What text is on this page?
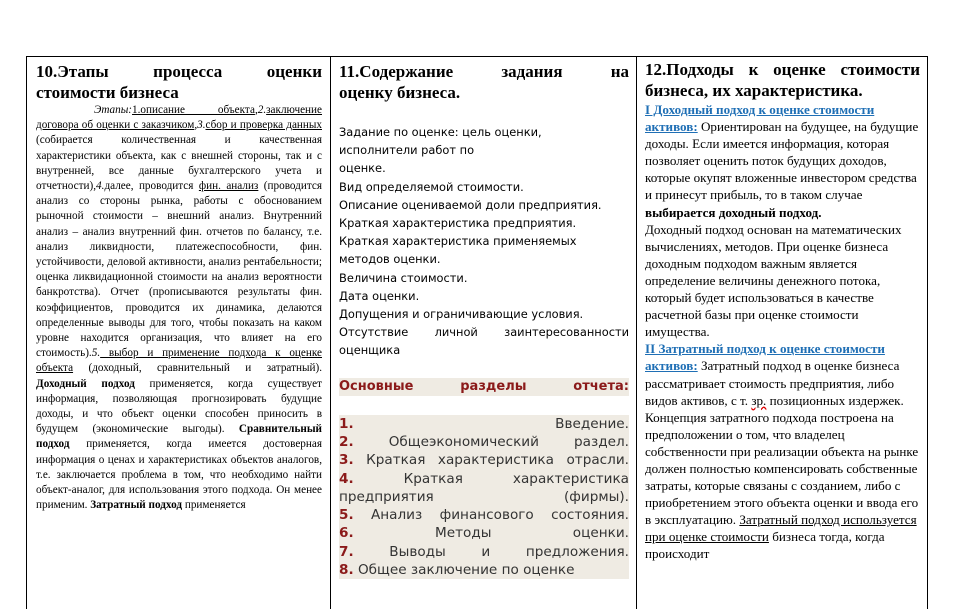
10.Этапы процесса оценки

стоимости бизнеса
Этапы:1.описание объекта,2.заключение договора об оценки с заказчиком,3.сбор и проверка данных (собирается количественная и качественная характеристики объекта, как с внешней стороны, так и с внутренней, все данные бухгалтерского учета и отчетности),4.далее, проводится фин. анализ (проводится анализ со стороны рынка, работы с обоснованием рыночной стоимости – внешний анализ. Внутренний анализ – анализ внутренний фин. отчетов по балансу, т.е. анализ ликвидности, платежеспособности, фин. устойчивости, деловой активности, анализ рентабельности; оценка ликвидационной стоимости на анализ вероятности банкротства). Отчет (прописываются результаты фин. коэффициентов, проводится их динамика, делаются определенные выводы для того, чтобы показать на каком уровне находится организация, что влияет на его стоимость).5. выбор и применение подхода к оценке объекта (доходный, сравнительный и затратный). Доходный подход применяется, когда существует информация, позволяющая прогнозировать будущие доходы, и что объект оценки способен приносить в будущем (экономические выгоды). Сравнительный подход применяется, когда имеется достоверная информация о ценах и характеристиках объектов аналогов, т.е. заключается проблема в том, что необходимо найти объект-аналог, для использования этого подхода. Он менее применим. Затратный подход применяется
11.Содержание задания на

оценку бизнеса.
Задание по оценке: цель оценки,
исполнители работ по
оценке.
Вид определяемой стоимости.
Описание оцениваемой доли предприятия.
Краткая характеристика предприятия.
Краткая характеристика применяемых
методов оценки.
Величина стоимости.
Дата оценки.
Допущения и ограничивающие условия.
Отсутствие личной заинтересованности
оценщика
Основные разделы отчета:
1. Введение.
2. Общеэкономический раздел.
3. Краткая характеристика отрасли.
4. Краткая характеристика
предприятия (фирмы).
5. Анализ финансового состояния.
6. Методы оценки.
7. Выводы и предложения.
8. Общее заключение по оценке
12.Подходы к оценке стоимости

бизнеса, их характеристика.
I Доходный подход к оценке стоимости активов: Ориентирован на будущее, на будущие доходы. Если имеется информация, которая позволяет оценить поток будущих доходов, которые окупят вложенные инвестором средства и принесут прибыль, то в таком случае выбирается доходный подход.
Доходный подход основан на математических вычислениях, методов. При оценке бизнеса доходным подходом важным является определение величины денежного потока, который будет использоваться в качестве расчетной базы при оценке стоимости имущества.
II Затратный подход к оценке стоимости активов: Затратный подход в оценке бизнеса рассматривает стоимость предприятия, либо видов активов, с т. зр. позиционных издержек.
Концепция затратного подхода построена на предположении о том, что владелец собственности при реализации объекта на рынке должен полностью компенсировать собственные затраты, которые связаны с созданием, либо с приобретением этого объекта оценки и ввода его в эксплуатацию. Затратный подход используется при оценке стоимости бизнеса тогда, когда происходит
